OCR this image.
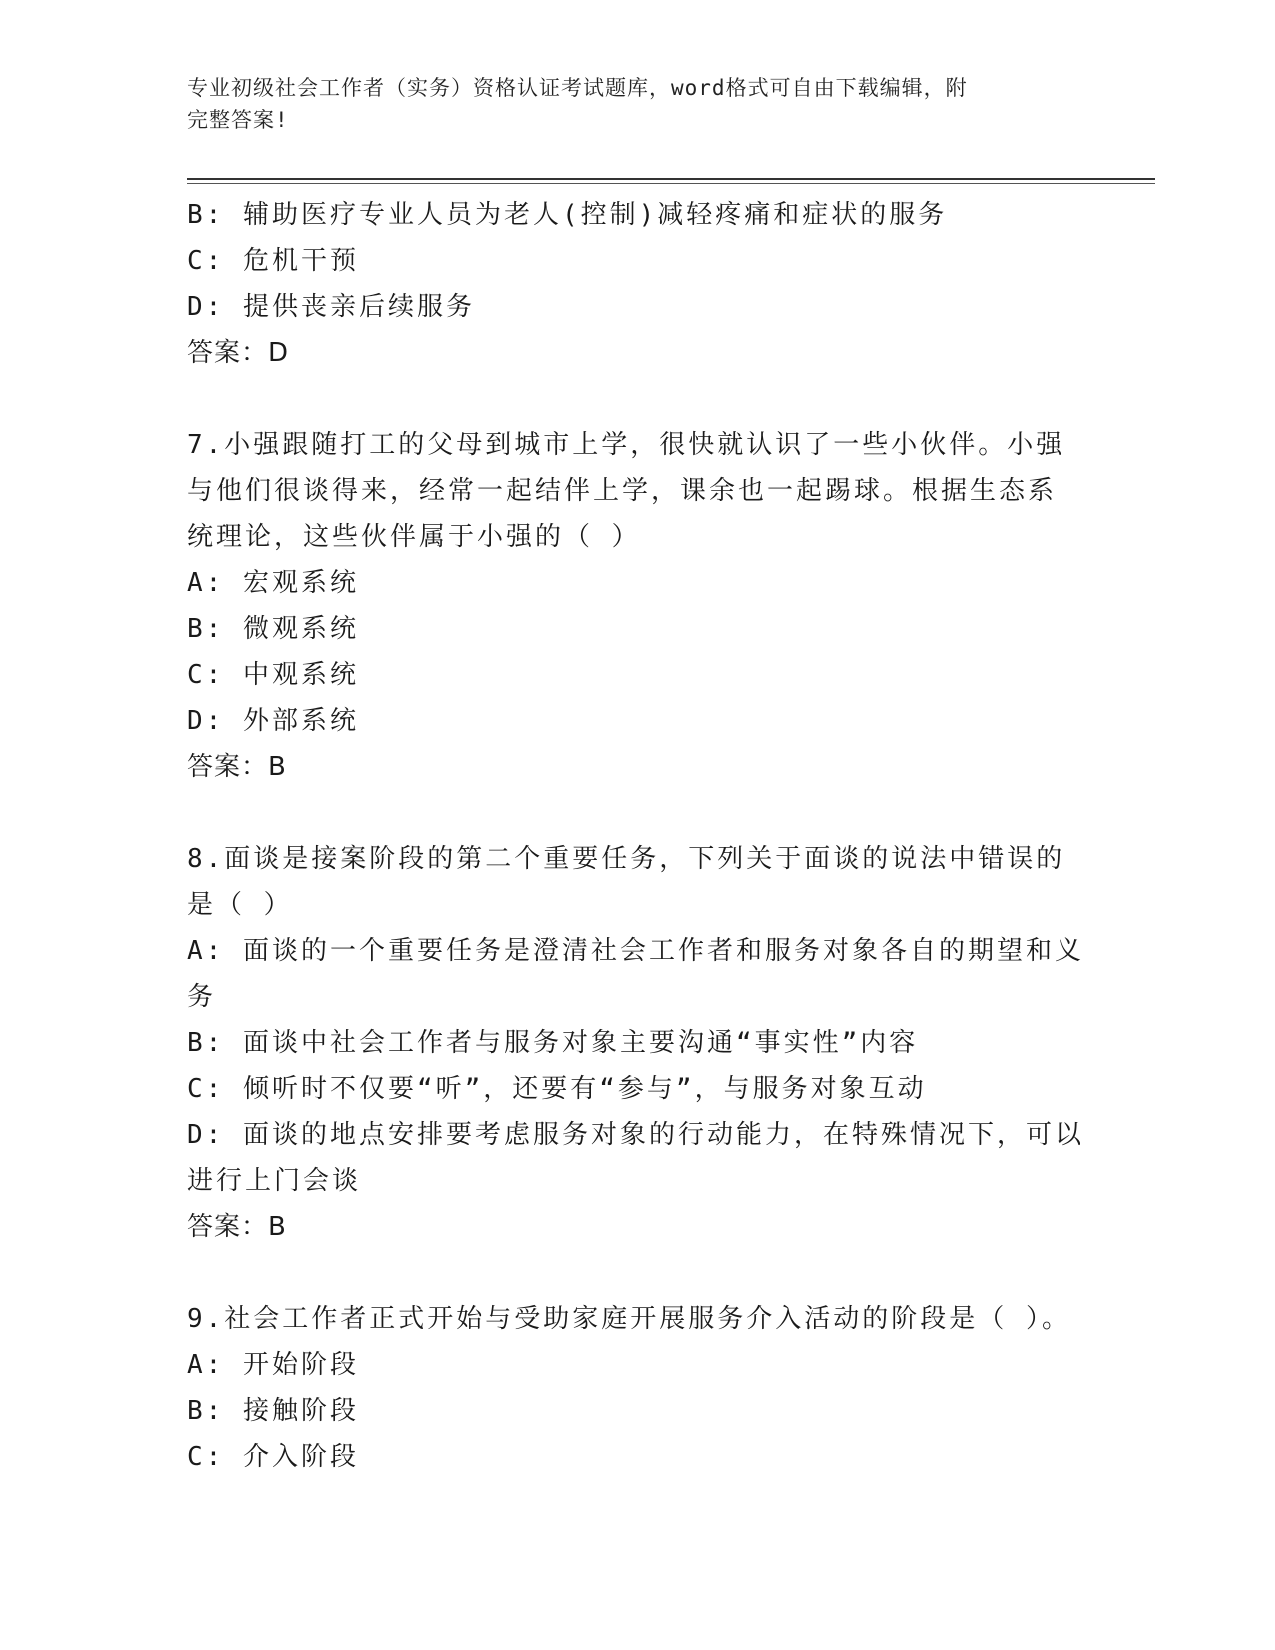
专业初级社会工作者（实务）资格认证考试题库，word格式可自由下载编辑，附
完整答案!
B: 辅助医疗专业人员为老人(控制)减轻疼痛和症状的服务
C: 危机干预
D: 提供丧亲后续服务
答案：D
7.小强跟随打工的父母到城市上学，很快就认识了一些小伙伴。小强
与他们很谈得来，经常一起结伴上学，课余也一起踢球。根据生态系
统理论，这些伙伴属于小强的（ ）
A: 宏观系统
B: 微观系统
C: 中观系统
D: 外部系统
答案：B
8.面谈是接案阶段的第二个重要任务，下列关于面谈的说法中错误的
是（ ）
A: 面谈的一个重要任务是澄清社会工作者和服务对象各自的期望和义
务
B: 面谈中社会工作者与服务对象主要沟通“事实性”内容
C: 倾听时不仅要“听”，还要有“参与”，与服务对象互动
D: 面谈的地点安排要考虑服务对象的行动能力，在特殊情况下，可以
进行上门会谈
答案：B
9.社会工作者正式开始与受助家庭开展服务介入活动的阶段是（ ）。
A: 开始阶段
B: 接触阶段
C: 介入阶段
